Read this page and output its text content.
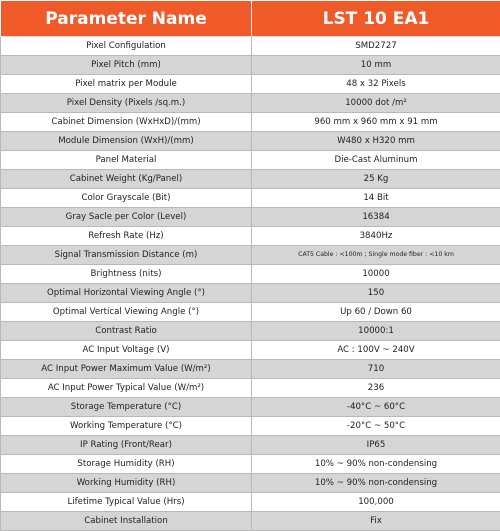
Parameter Name	LST 10 EA1
Pixel Configulation	SMD2727
Pixel Pitch (mm)	10 mm
Pixel matrix per Module	48 x 32 Pixels
Pixel Density (Pixels /sq.m.)	10000 dot /m²
Cabinet Dimension (WxHxD)/(mm)	960 mm x 960 mm x 91 mm
Module Dimension (WxH)/(mm)	W480 x H320 mm
Panel Material	Die-Cast Aluminum
Cabinet Weight (Kg/Panel)	25 Kg
Color Grayscale (Bit)	14 Bit
Gray Sacle per Color (Level)	16384
Refresh Rate (Hz)	3840Hz
Signal Transmission Distance (m)	CAT5 Cable : <100m ; Single mode fiber : <10 km
Brightness (nits)	10000
Optimal Horizontal Viewing Angle (°)	150
Optimal Vertical Viewing Angle (°)	Up 60 / Down 60
Contrast Ratio	10000:1
AC Input Voltage (V)	AC : 100V ~ 240V
AC Input Power Maximum Value (W/m²)	710
AC Input Power Typical Value (W/m²)	236
Storage Temperature (°C)	-40°C ~ 60°C
Working Temperature (°C)	-20°C ~ 50°C
IP Rating (Front/Rear)	IP65
Storage Humidity (RH)	10% ~ 90% non-condensing
Working Humidity (RH)	10% ~ 90% non-condensing
Lifetime Typical Value (Hrs)	100,000
Cabinet Installation	Fix
